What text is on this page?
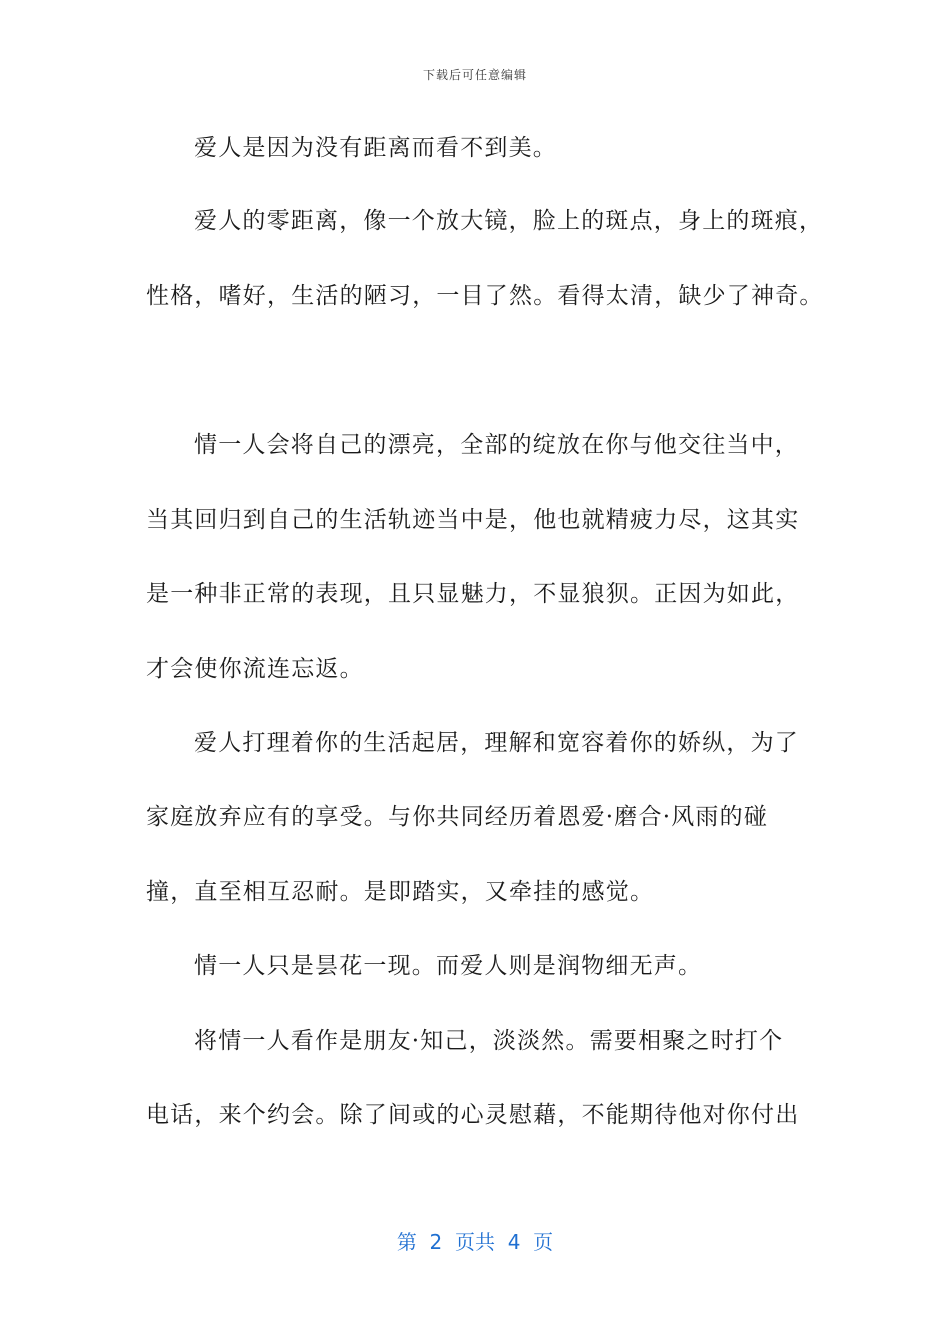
下载后可任意编辑
爱人是因为没有距离而看不到美。
爱人的零距离，像一个放大镜，脸上的斑点，身上的斑痕，
性格，嗜好，生活的陋习，一目了然。看得太清，缺少了神奇。
情一人会将自己的漂亮，全部的绽放在你与他交往当中，
当其回归到自己的生活轨迹当中是，他也就精疲力尽，这其实
是一种非正常的表现，且只显魅力，不显狼狈。正因为如此，
才会使你流连忘返。
爱人打理着你的生活起居，理解和宽容着你的娇纵，为了
家庭放弃应有的享受。与你共同经历着恩爱·磨合·风雨的碰
撞，直至相互忍耐。是即踏实，又牵挂的感觉。
情一人只是昙花一现。而爱人则是润物细无声。
将情一人看作是朋友·知己，淡淡然。需要相聚之时打个
电话，来个约会。除了间或的心灵慰藉，不能期待他对你付出
第  2  页共  4  页
